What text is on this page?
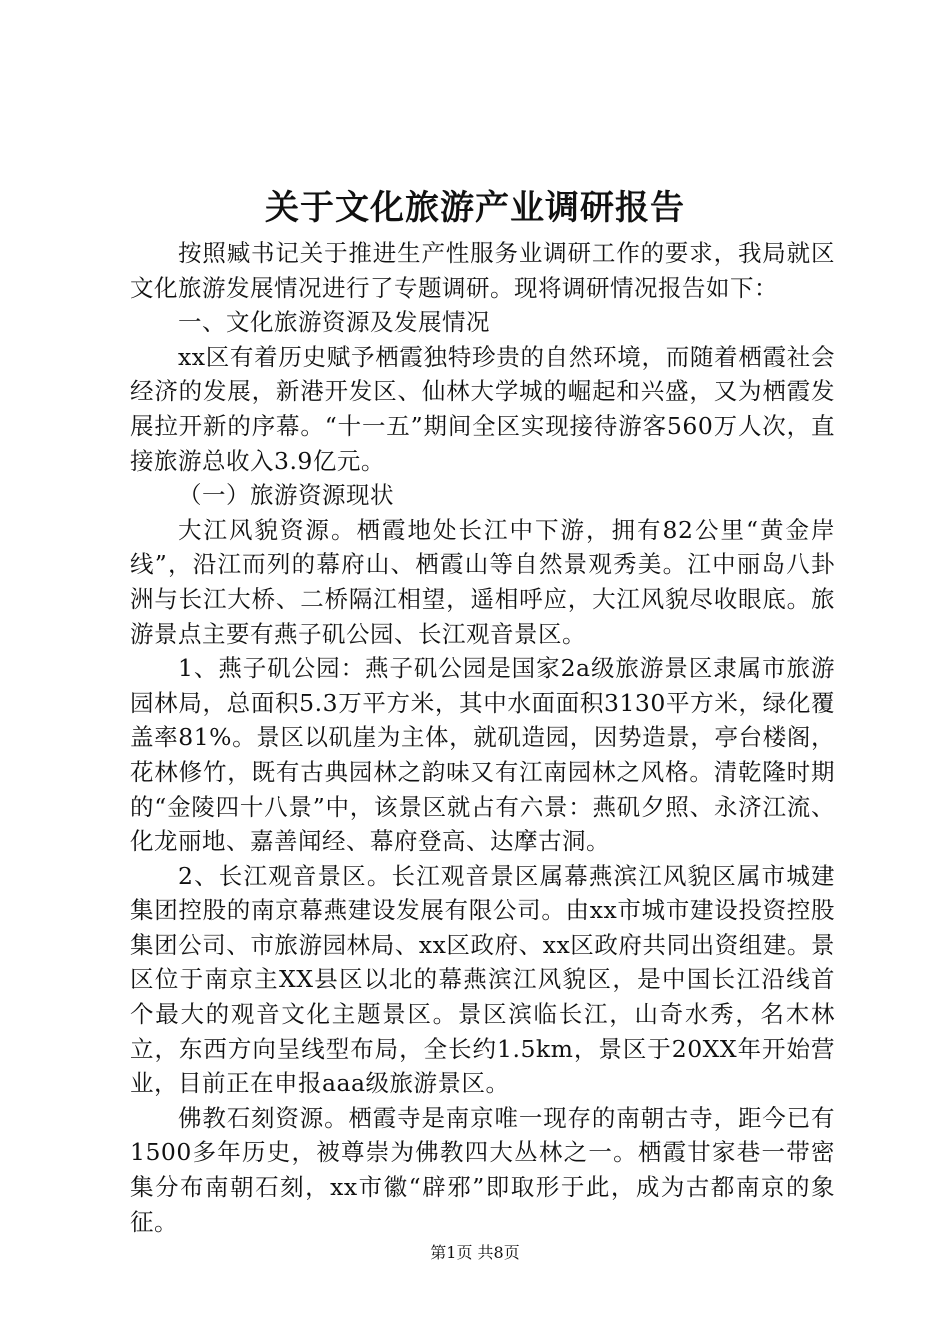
关于文化旅游产业调研报告

按照臧书记关于推进生产性服务业调研工作的要求，我局就区文化旅游发展情况进行了专题调研。现将调研情况报告如下：

一、文化旅游资源及发展情况

xx区有着历史赋予栖霞独特珍贵的自然环境，而随着栖霞社会经济的发展，新港开发区、仙林大学城的崛起和兴盛，又为栖霞发展拉开新的序幕。“十一五”期间全区实现接待游客560万人次，直接旅游总收入3.9亿元。

（一）旅游资源现状

大江风貌资源。栖霞地处长江中下游，拥有82公里“黄金岸线”，沿江而列的幕府山、栖霞山等自然景观秀美。江中丽岛八卦洲与长江大桥、二桥隔江相望，遥相呼应，大江风貌尽收眼底。旅游景点主要有燕子矶公园、长江观音景区。

1、燕子矶公园：燕子矶公园是国家2a级旅游景区隶属市旅游园林局，总面积5.3万平方米，其中水面面积3130平方米，绿化覆盖率81%。景区以矶崖为主体，就矶造园，因势造景，亭台楼阁，花林修竹，既有古典园林之韵味又有江南园林之风格。清乾隆时期的“金陵四十八景”中，该景区就占有六景：燕矶夕照、永济江流、化龙丽地、嘉善闻经、幕府登高、达摩古洞。

2、长江观音景区。长江观音景区属幕燕滨江风貌区属市城建集团控股的南京幕燕建设发展有限公司。由xx市城市建设投资控股集团公司、市旅游园林局、xx区政府、xx区政府共同出资组建。景区位于南京主XX县区以北的幕燕滨江风貌区，是中国长江沿线首个最大的观音文化主题景区。景区滨临长江，山奇水秀，名木林立，东西方向呈线型布局，全长约1.5km，景区于20XX年开始营业，目前正在申报aaa级旅游景区。

佛教石刻资源。栖霞寺是南京唯一现存的南朝古寺，距今已有1500多年历史，被尊崇为佛教四大丛林之一。栖霞甘家巷一带密集分布南朝石刻，xx市徽“辟邪”即取形于此，成为古都南京的象征。

第1页 共8页
